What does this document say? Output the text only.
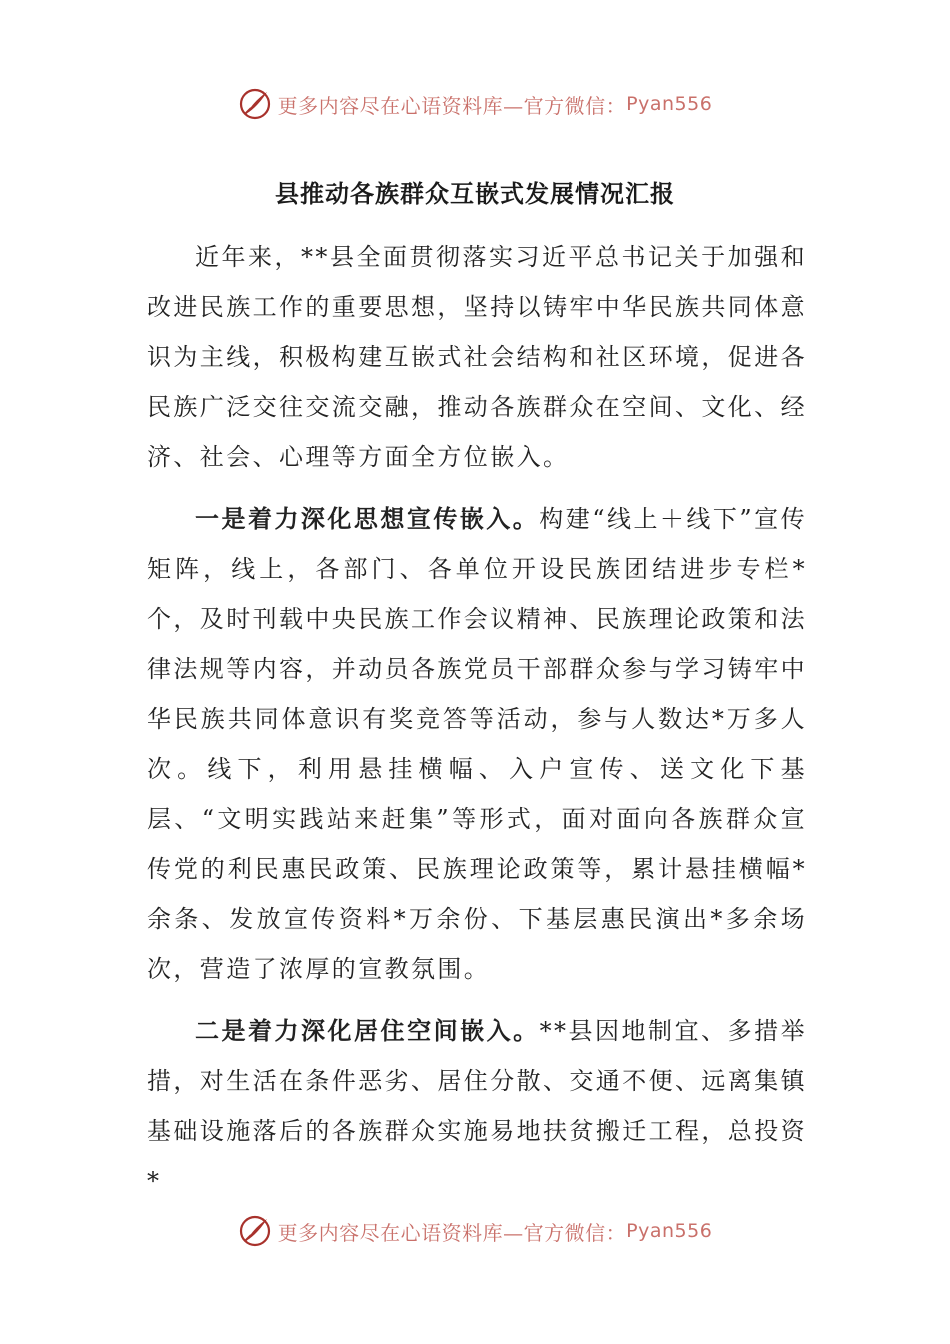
更多内容尽在心语资料库—官方微信： Pyan556
县推动各族群众互嵌式发展情况汇报

近年来，**县全面贯彻落实习近平总书记关于加强和改进民族工作的重要思想，坚持以铸牢中华民族共同体意识为主线，积极构建互嵌式社会结构和社区环境，促进各民族广泛交往交流交融，推动各族群众在空间、文化、经济、社会、心理等方面全方位嵌入。

一是着力深化思想宣传嵌入。构建“线上＋线下”宣传矩阵，线上，各部门、各单位开设民族团结进步专栏*个，及时刊载中央民族工作会议精神、民族理论政策和法律法规等内容，并动员各族党员干部群众参与学习铸牢中华民族共同体意识有奖竞答等活动，参与人数达*万多人次。线下，利用悬挂横幅、入户宣传、送文化下基层、“文明实践站来赶集”等形式，面对面向各族群众宣传党的利民惠民政策、民族理论政策等，累计悬挂横幅*余条、发放宣传资料*万余份、下基层惠民演出*多余场次，营造了浓厚的宣教氛围。

二是着力深化居住空间嵌入。**县因地制宜、多措举措，对生活在条件恶劣、居住分散、交通不便、远离集镇基础设施落后的各族群众实施易地扶贫搬迁工程，总投资*

更多内容尽在心语资料库—官方微信： Pyan556
